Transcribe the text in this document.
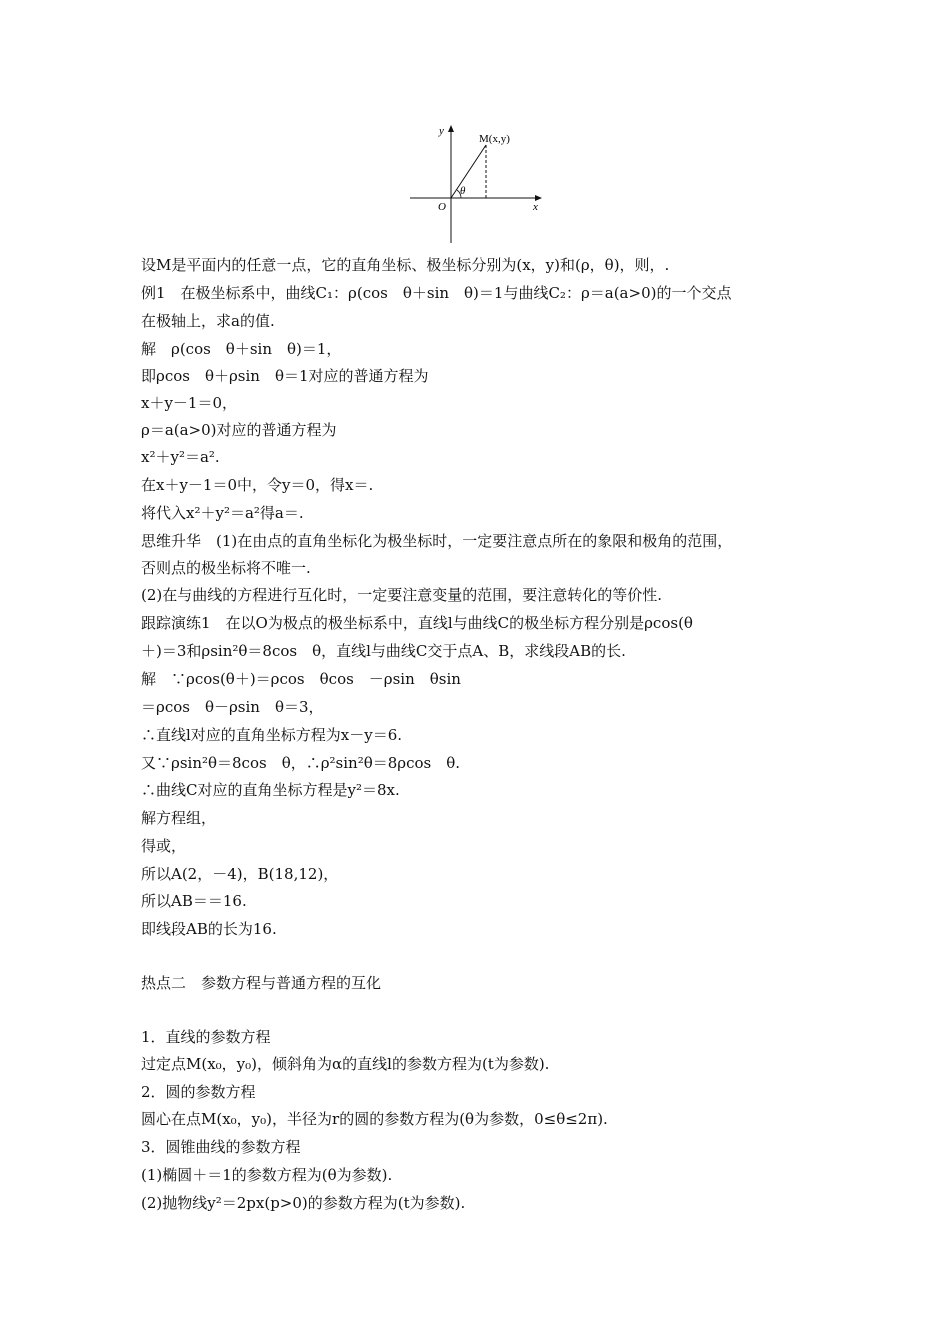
y
x
O
M(x,y)
θ
设M是平面内的任意一点，它的直角坐标、极坐标分别为(x，y)和(ρ，θ)，则，.
例1　在极坐标系中，曲线C₁：ρ(cos　θ＋sin　θ)＝1与曲线C₂：ρ＝a(a>0)的一个交点
在极轴上，求a的值.
解　ρ(cos　θ＋sin　θ)＝1，
即ρcos　θ＋ρsin　θ＝1对应的普通方程为
x＋y－1＝0，
ρ＝a(a>0)对应的普通方程为
x²＋y²＝a².
在x＋y－1＝0中，令y＝0，得x＝.
将代入x²＋y²＝a²得a＝.
思维升华　(1)在由点的直角坐标化为极坐标时，一定要注意点所在的象限和极角的范围，
否则点的极坐标将不唯一.
(2)在与曲线的方程进行互化时，一定要注意变量的范围，要注意转化的等价性.
跟踪演练1　在以O为极点的极坐标系中，直线l与曲线C的极坐标方程分别是ρcos(θ
＋)＝3和ρsin²θ＝8cos　θ，直线l与曲线C交于点A、B，求线段AB的长.
解　∵ρcos(θ＋)＝ρcos　θcos　－ρsin　θsin
＝ρcos　θ－ρsin　θ＝3，
∴直线l对应的直角坐标方程为x－y＝6.
又∵ρsin²θ＝8cos　θ，∴ρ²sin²θ＝8ρcos　θ.
∴曲线C对应的直角坐标方程是y²＝8x.
解方程组，
得或，
所以A(2，－4)，B(18,12)，
所以AB＝＝16.
即线段AB的长为16.
热点二　参数方程与普通方程的互化
1．直线的参数方程
过定点M(x₀，y₀)，倾斜角为α的直线l的参数方程为(t为参数).
2．圆的参数方程
圆心在点M(x₀，y₀)，半径为r的圆的参数方程为(θ为参数，0≤θ≤2π).
3．圆锥曲线的参数方程
(1)椭圆＋＝1的参数方程为(θ为参数).
(2)抛物线y²＝2px(p>0)的参数方程为(t为参数).
